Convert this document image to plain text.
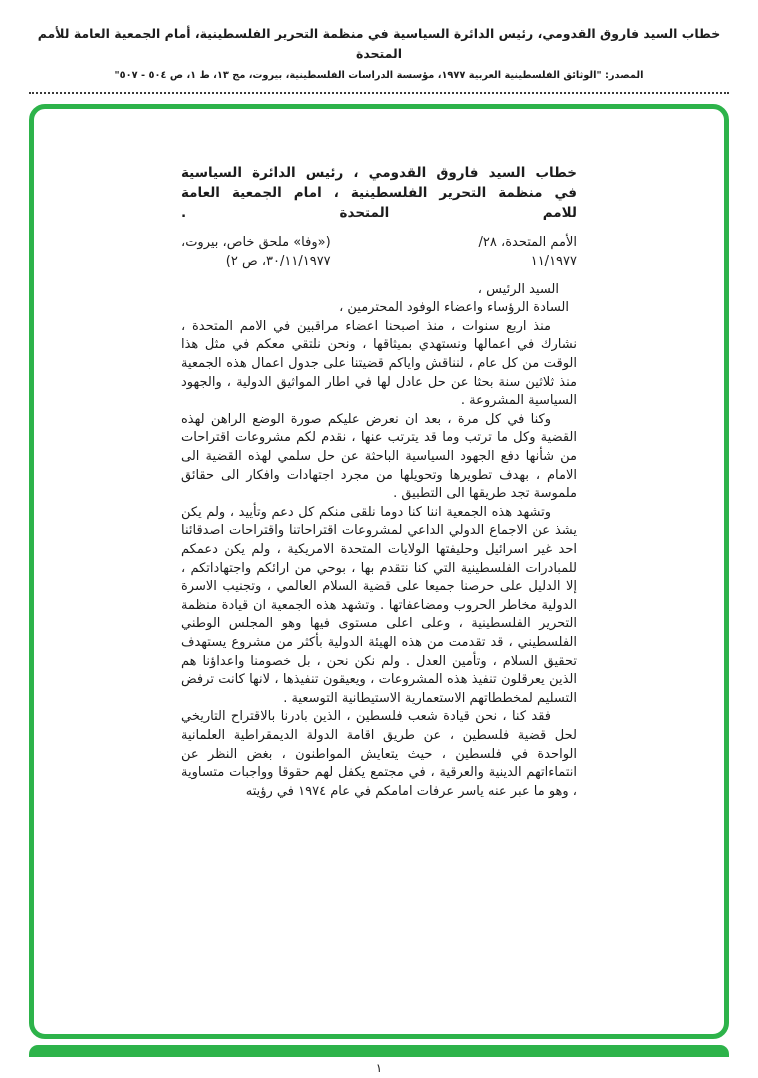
خطاب السيد فاروق القدومي، رئيس الدائرة السياسية في منظمة التحرير الفلسطينية، أمام الجمعية العامة للأمم المتحدة
المصدر: "الوثائق الفلسطينية العربية ١٩٧٧، مؤسسة الدراسات الفلسطينية، بيروت، مج ١٣، ط ١، ص ٥٠٤ - ٥٠٧"
خطاب السيد فاروق القدومي ، رئيس الدائرة السياسية في منظمة التحرير الفلسطينية ، امام الجمعية العامة للامم المتحدة .
الأمم المتحدة، ٢٨/
١١/١٩٧٧
(«وفا» ملحق خاص، بيروت،
٣٠/١١/١٩٧٧، ص ٢)

السيد الرئيس ،

السادة الرؤساء واعضاء الوفود المحترمين ،

منذ اربع سنوات ، منذ اصبحنا اعضاء مراقبين في الامم المتحدة ، نشارك في اعمالها ونستهدي بميثاقها ، ونحن نلتقي معكم في مثل هذا الوقت من كل عام ، لنناقش واياكم قضيتنا على جدول اعمال هذه الجمعية منذ ثلاثين سنة بحثا عن حل عادل لها في اطار المواثيق الدولية ، والجهود السياسية المشروعة .

وكنا في كل مرة ، بعد ان نعرض عليكم صورة الوضع الراهن لهذه القضية وكل ما ترتب وما قد يترتب عنها ، نقدم لكم مشروعات اقتراحات من شأنها دفع الجهود السياسية الباحثة عن حل سلمي لهذه القضية الى الامام ، بهدف تطويرها وتحويلها من مجرد اجتهادات وافكار الى حقائق ملموسة تجد طريقها الى التطبيق .

وتشهد هذه الجمعية اننا كنا دوما نلقى منكم كل دعم وتأييد ، ولم يكن يشذ عن الاجماع الدولي الداعي لمشروعات اقتراحاتنا واقتراحات اصدقائنا احد غير اسرائيل وحليفتها الولايات المتحدة الامريكية ، ولم يكن دعمكم للمبادرات الفلسطينية التي كنا نتقدم بها ، بوحي من ارائكم واجتهاداتكم ، إلا الدليل على حرصنا جميعا على قضية السلام العالمي ، وتجنيب الاسرة الدولية مخاطر الحروب ومضاعفاتها . وتشهد هذه الجمعية ان قيادة منظمة التحرير الفلسطينية ، وعلى اعلى مستوى فيها وهو المجلس الوطني الفلسطيني ، قد تقدمت من هذه الهيئة الدولية بأكثر من مشروع يستهدف تحقيق السلام ، وتأمين العدل . ولم نكن نحن ، بل خصومنا واعداؤنا هم الذين يعرقلون تنفيذ هذه المشروعات ، ويعيقون تنفيذها ، لانها كانت ترفض التسليم لمخططاتهم الاستعمارية الاستيطانية التوسعية .

فقد كنا ، نحن قيادة شعب فلسطين ، الذين بادرنا بالاقتراح التاريخي لحل قضية فلسطين ، عن طريق اقامة الدولة الديمقراطية العلمانية الواحدة في فلسطين ، حيث يتعايش المواطنون ، بغض النظر عن انتماءاتهم الدينية والعرقية ، في مجتمع يكفل لهم حقوقا وواجبات متساوية ، وهو ما عبر عنه ياسر عرفات امامكم في عام ١٩٧٤ في رؤيته

١
